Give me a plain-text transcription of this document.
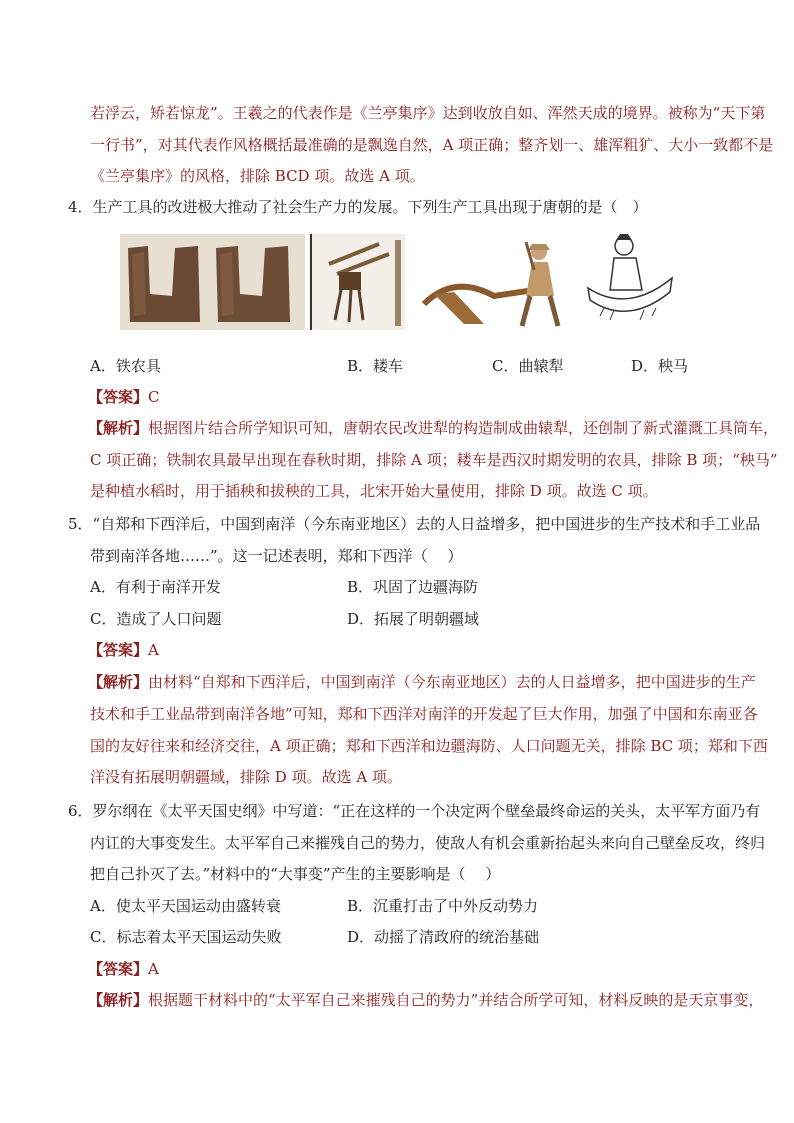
若浮云，矫若惊龙”。王羲之的代表作是《兰亭集序》达到收放自如、浑然天成的境界。被称为“天下第
一行书”，对其代表作风格概括最准确的是飘逸自然，A 项正确；整齐划一、雄浑粗犷、大小一致都不是
《兰亭集序》的风格，排除 BCD 项。故选 A 项。
4．生产工具的改进极大推动了社会生产力的发展。下列生产工具出现于唐朝的是（　）
A．铁农具	B．耧车	C．曲辕犁	D．秧马
【答案】C
【解析】根据图片结合所学知识可知，唐朝农民改进犁的构造制成曲辕犁，还创制了新式灌溉工具筒车，
C 项正确；铁制农具最早出现在春秋时期，排除 A 项；耧车是西汉时期发明的农具，排除 B 项；“秧马”
是种植水稻时，用于插秧和拔秧的工具，北宋开始大量使用，排除 D 项。故选 C 项。
5．“自郑和下西洋后，中国到南洋（今东南亚地区）去的人日益增多，把中国进步的生产技术和手工业品
带到南洋各地……”。这一记述表明，郑和下西洋（　 ）
A．有利于南洋开发	B．巩固了边疆海防
C．造成了人口问题	D．拓展了明朝疆域
【答案】A
【解析】由材料“自郑和下西洋后，中国到南洋（今东南亚地区）去的人日益增多，把中国进步的生产
技术和手工业品带到南洋各地”可知，郑和下西洋对南洋的开发起了巨大作用，加强了中国和东南亚各
国的友好往来和经济交往，A 项正确；郑和下西洋和边疆海防、人口问题无关，排除 BC 项；郑和下西
洋没有拓展明朝疆域，排除 D 项。故选 A 项。
6．罗尔纲在《太平天国史纲》中写道：“正在这样的一个决定两个壁垒最终命运的关头，太平军方面乃有
内讧的大事变发生。太平军自己来摧残自己的势力，使敌人有机会重新抬起头来向自己壁垒反攻，终归
把自己扑灭了去。”材料中的“大事变”产生的主要影响是（　 ）
A．使太平天国运动由盛转衰	B．沉重打击了中外反动势力
C．标志着太平天国运动失败	D．动摇了清政府的统治基础
【答案】A
【解析】根据题干材料中的“太平军自己来摧残自己的势力”并结合所学可知，材料反映的是天京事变，
